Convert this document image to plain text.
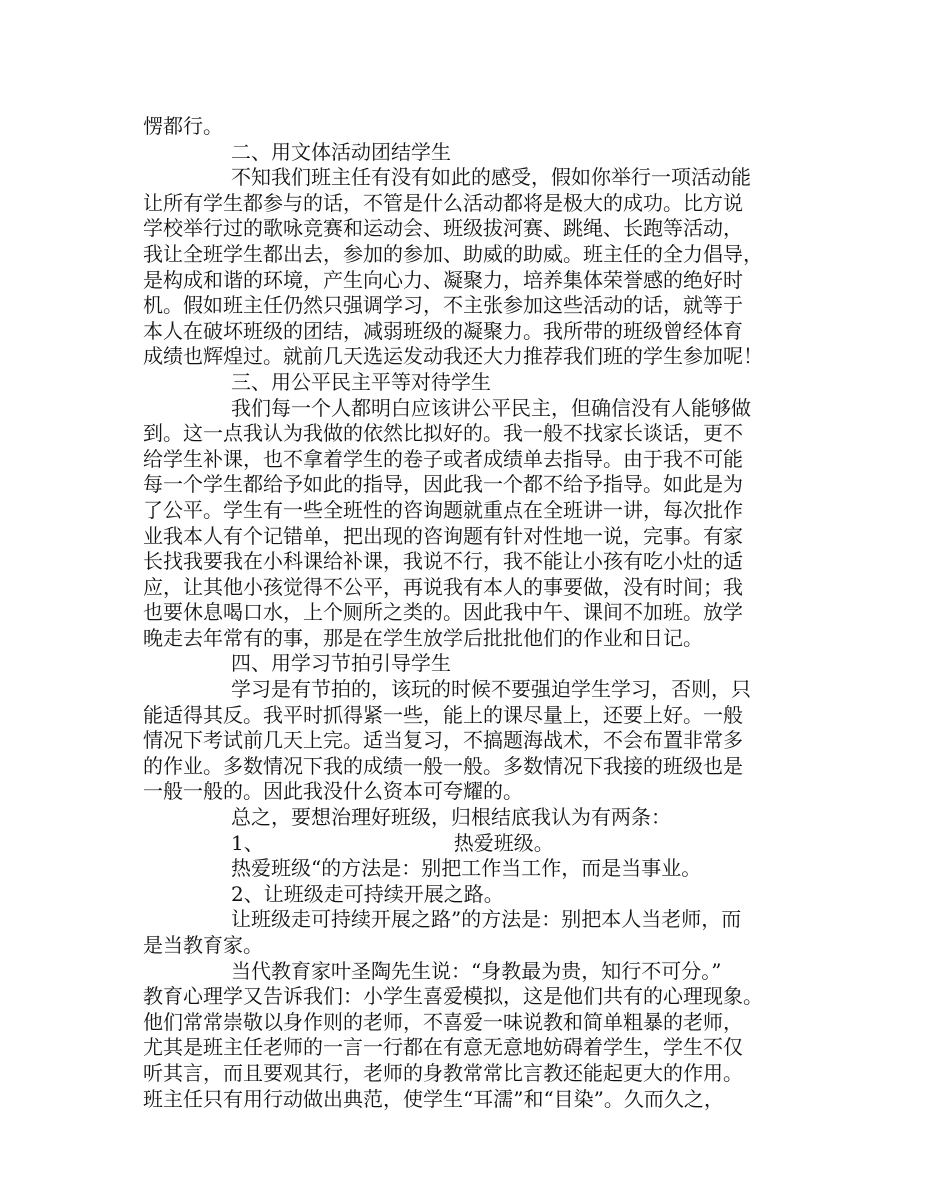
愣都行。
二、用文体活动团结学生
不知我们班主任有没有如此的感受，假如你举行一项活动能
让所有学生都参与的话，不管是什么活动都将是极大的成功。比方说
学校举行过的歌咏竞赛和运动会、班级拔河赛、跳绳、长跑等活动，
我让全班学生都出去，参加的参加、助威的助威。班主任的全力倡导，
是构成和谐的环境，产生向心力、凝聚力，培养集体荣誉感的绝好时
机。假如班主任仍然只强调学习，不主张参加这些活动的话，就等于
本人在破坏班级的团结，减弱班级的凝聚力。我所带的班级曾经体育
成绩也辉煌过。就前几天选运发动我还大力推荐我们班的学生参加呢！
三、用公平民主平等对待学生
我们每一个人都明白应该讲公平民主，但确信没有人能够做
到。这一点我认为我做的依然比拟好的。我一般不找家长谈话，更不
给学生补课，也不拿着学生的卷子或者成绩单去指导。由于我不可能
每一个学生都给予如此的指导，因此我一个都不给予指导。如此是为
了公平。学生有一些全班性的咨询题就重点在全班讲一讲，每次批作
业我本人有个记错单，把出现的咨询题有针对性地一说，完事。有家
长找我要我在小科课给补课，我说不行，我不能让小孩有吃小灶的适
应，让其他小孩觉得不公平，再说我有本人的事要做，没有时间；我
也要休息喝口水，上个厕所之类的。因此我中午、课间不加班。放学
晚走去年常有的事，那是在学生放学后批批他们的作业和日记。
四、用学习节拍引导学生
学习是有节拍的，该玩的时候不要强迫学生学习，否则，只
能适得其反。我平时抓得紧一些，能上的课尽量上，还要上好。一般
情况下考试前几天上完。适当复习，不搞题海战术，不会布置非常多
的作业。多数情况下我的成绩一般一般。多数情况下我接的班级也是
一般一般的。因此我没什么资本可夸耀的。
总之，要想治理好班级，归根结底我认为有两条：
1、	热爱班级。
热爱班级“的方法是：别把工作当工作，而是当事业。
2、让班级走可持续开展之路。
让班级走可持续开展之路”的方法是：别把本人当老师，而
是当教育家。
当代教育家叶圣陶先生说：“身教最为贵，知行不可分。”
教育心理学又告诉我们：小学生喜爱模拟，这是他们共有的心理现象。
他们常常崇敬以身作则的老师，不喜爱一味说教和简单粗暴的老师，
尤其是班主任老师的一言一行都在有意无意地妨碍着学生，学生不仅
听其言，而且要观其行，老师的身教常常比言教还能起更大的作用。
班主任只有用行动做出典范，使学生“耳濡”和“目染”。久而久之，
